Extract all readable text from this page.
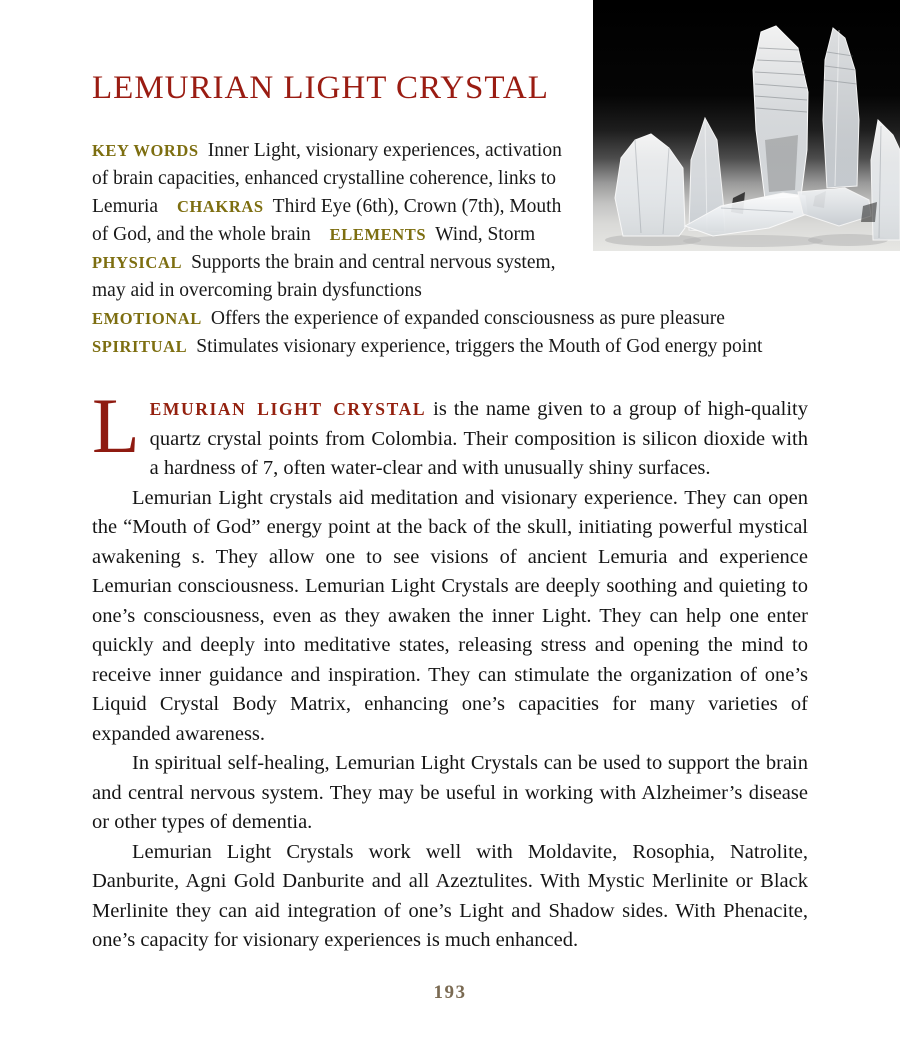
LEMURIAN LIGHT CRYSTAL

KEY WORDS Inner Light, visionary experiences, activation of brain capacities, enhanced crystalline coherence, links to Lemuria CHAKRAS Third Eye (6th), Crown (7th), Mouth of God, and the whole brain ELEMENTS Wind, Storm PHYSICAL Supports the brain and central nervous system, may aid in overcoming brain dysfunctions EMOTIONAL Offers the experience of expanded consciousness as pure pleasure SPIRITUAL Stimulates visionary experience, triggers the Mouth of God energy point

LEMURIAN LIGHT CRYSTAL is the name given to a group of high-quality quartz crystal points from Colombia. Their composition is silicon dioxide with a hardness of 7, often water-clear and with unusually shiny surfaces.

Lemurian Light crystals aid meditation and visionary experience. They can open the “Mouth of God” energy point at the back of the skull, initiating powerful mystical awakening s. They allow one to see visions of ancient Lemuria and experience Lemurian consciousness. Lemurian Light Crystals are deeply soothing and quieting to one’s consciousness, even as they awaken the inner Light. They can help one enter quickly and deeply into meditative states, releasing stress and opening the mind to receive inner guidance and inspiration. They can stimulate the organization of one’s Liquid Crystal Body Matrix, enhancing one’s capacities for many varieties of expanded awareness.

In spiritual self-healing, Lemurian Light Crystals can be used to support the brain and central nervous system. They may be useful in working with Alzheimer’s disease or other types of dementia.

Lemurian Light Crystals work well with Moldavite, Rosophia, Natrolite, Danburite, Agni Gold Danburite and all Azeztulites. With Mystic Merlinite or Black Merlinite they can aid integration of one’s Light and Shadow sides. With Phenacite, one’s capacity for visionary experiences is much enhanced.

193
